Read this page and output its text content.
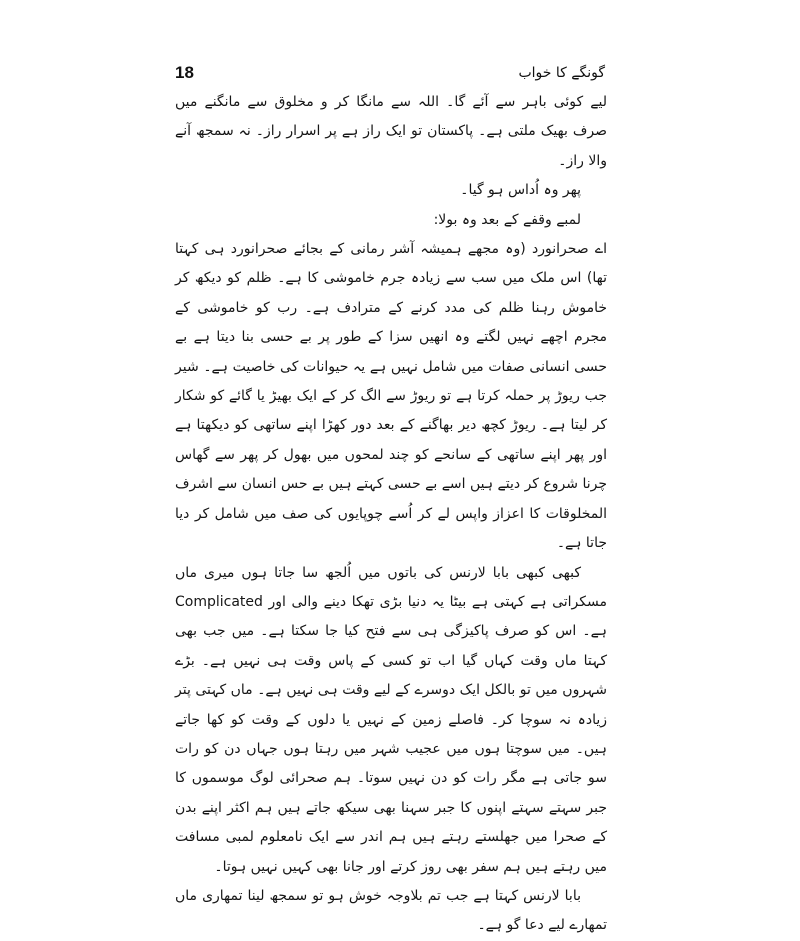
18	گونگے کا خواب

لیے کوئی باہر سے آئے گا۔ اللہ سے مانگا کر و مخلوق سے مانگنے میں صرف بھیک ملتی ہے۔ پاکستان تو ایک راز ہے پر اسرار راز۔ نہ سمجھ آنے والا راز۔

پھر وہ اُداس ہو گیا۔

لمبے وقفے کے بعد وہ بولا:

اے صحرانورد (وہ مجھے ہمیشہ آشر رمانی کے بجائے صحرانورد ہی کہتا تھا) اس ملک میں سب سے زیادہ جرم خاموشی کا ہے۔ ظلم کو دیکھ کر خاموش رہنا ظلم کی مدد کرنے کے مترادف ہے۔ رب کو خاموشی کے مجرم اچھے نہیں لگتے وہ انھیں سزا کے طور پر بے حسی بنا دیتا ہے بے حسی انسانی صفات میں شامل نہیں ہے یہ حیوانات کی خاصیت ہے۔ شیر جب ریوڑ پر حملہ کرتا ہے تو ریوڑ سے الگ کر کے ایک بھیڑ یا گائے کو شکار کر لیتا ہے۔ ریوڑ کچھ دیر بھاگنے کے بعد دور کھڑا اپنے ساتھی کو دیکھتا ہے اور پھر اپنے ساتھی کے سانحے کو چند لمحوں میں بھول کر پھر سے گھاس چرنا شروع کر دیتے ہیں اسے بے حسی کہتے ہیں بے حس انسان سے اشرف المخلوقات کا اعزاز واپس لے کر اُسے چوپایوں کی صف میں شامل کر دیا جاتا ہے۔

کبھی کبھی بابا لارنس کی باتوں میں اُلجھ سا جاتا ہوں میری ماں مسکراتی ہے کہتی ہے بیٹا یہ دنیا بڑی تھکا دینے والی اور Complicated ہے۔ اس کو صرف پاکیزگی ہی سے فتح کیا جا سکتا ہے۔ میں جب بھی کہتا ماں وقت کہاں گیا اب تو کسی کے پاس وقت ہی نہیں ہے۔ بڑے شہروں میں تو بالکل ایک دوسرے کے لیے وقت ہی نہیں ہے۔ ماں کہتی پتر زیادہ نہ سوچا کر۔ فاصلے زمین کے نہیں یا دلوں کے وقت کو کھا جاتے ہیں۔ میں سوچتا ہوں میں عجیب شہر میں رہتا ہوں جہاں دن کو رات سو جاتی ہے مگر رات کو دن نہیں سوتا۔ ہم صحرائی لوگ موسموں کا جبر سہتے سہتے اپنوں کا جبر سہنا بھی سیکھ جاتے ہیں ہم اکثر اپنے بدن کے صحرا میں جھلستے رہتے ہیں ہم اندر سے ایک نامعلوم لمبی مسافت میں رہتے ہیں ہم سفر بھی روز کرتے اور جانا بھی کہیں نہیں ہوتا۔

بابا لارنس کہتا ہے جب تم بلاوجہ خوش ہو تو سمجھ لینا تمھاری ماں تمھارے لیے دعا گو ہے۔
